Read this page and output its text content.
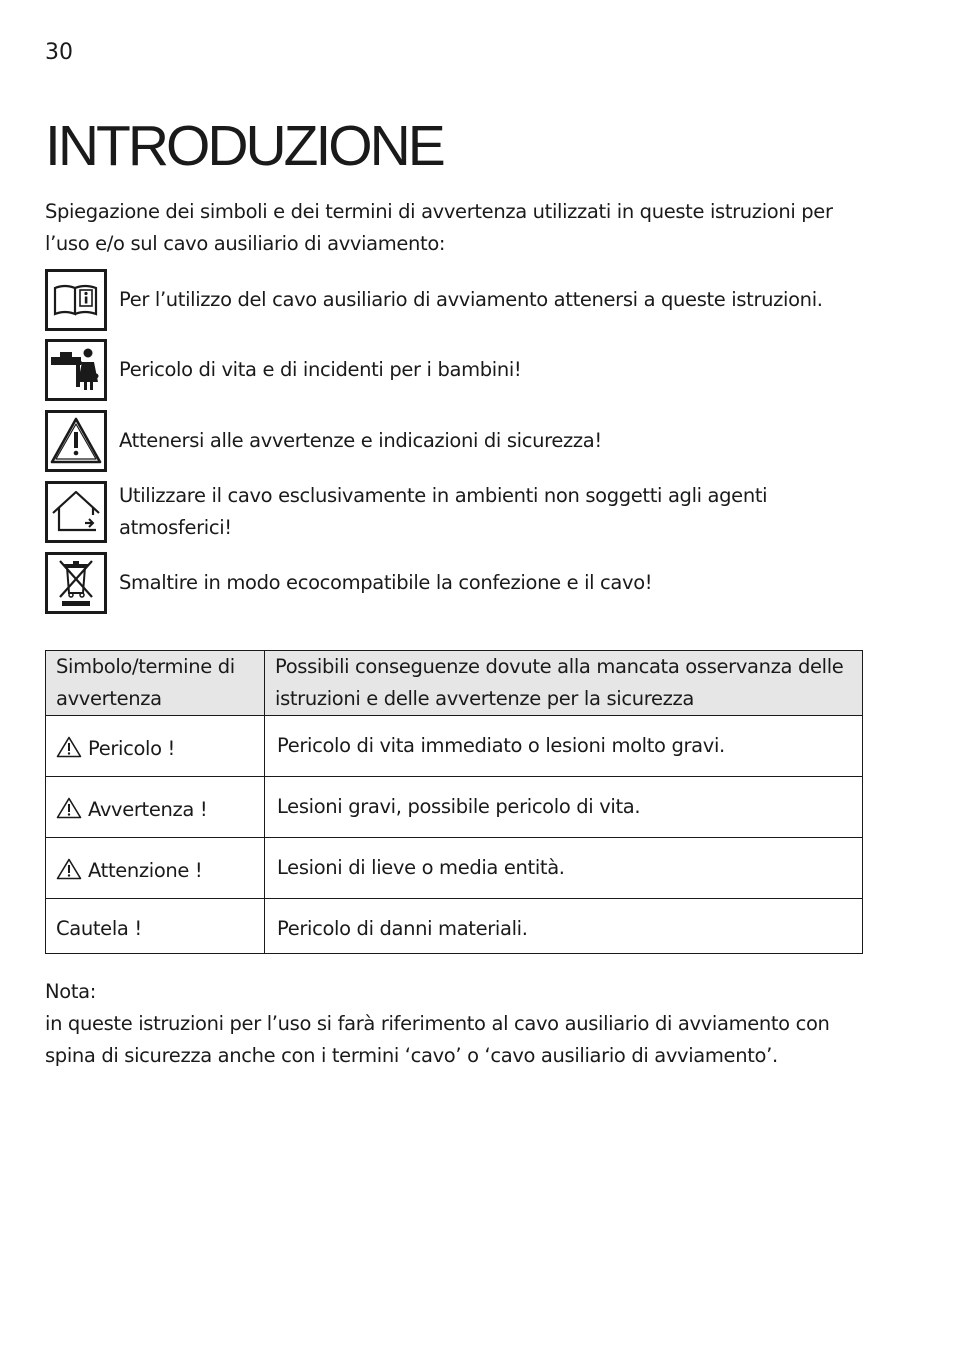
30
INTRODUZIONE

Spiegazione dei simboli e dei termini di avvertenza utilizzati in queste istruzioni per l’uso e/o sul cavo ausiliario di avviamento:

Per l’utilizzo del cavo ausiliario di avviamento attenersi a queste istruzioni.
Pericolo di vita e di incidenti per i bambini!
Attenersi alle avvertenze e indicazioni di sicurezza!
Utilizzare il cavo esclusivamente in ambienti non soggetti agli agenti atmosferici!
Smaltire in modo ecocompatibile la confezione e il cavo!
Simbolo/termine di avvertenza	Possibili conseguenze dovute alla mancata osservanza delle istruzioni e delle avvertenze per la sicurezza
Pericolo !	Pericolo di vita immediato o lesioni molto gravi.
Avvertenza !	Lesioni gravi, possibile pericolo di vita.
Attenzione !	Lesioni di lieve o media entità.
Cautela !	Pericolo di danni materiali.
Nota:
in queste istruzioni per l’uso si farà riferimento al cavo ausiliario di avviamento con spina di sicurezza anche con i termini ‘cavo’ o ‘cavo ausiliario di avviamento’.
